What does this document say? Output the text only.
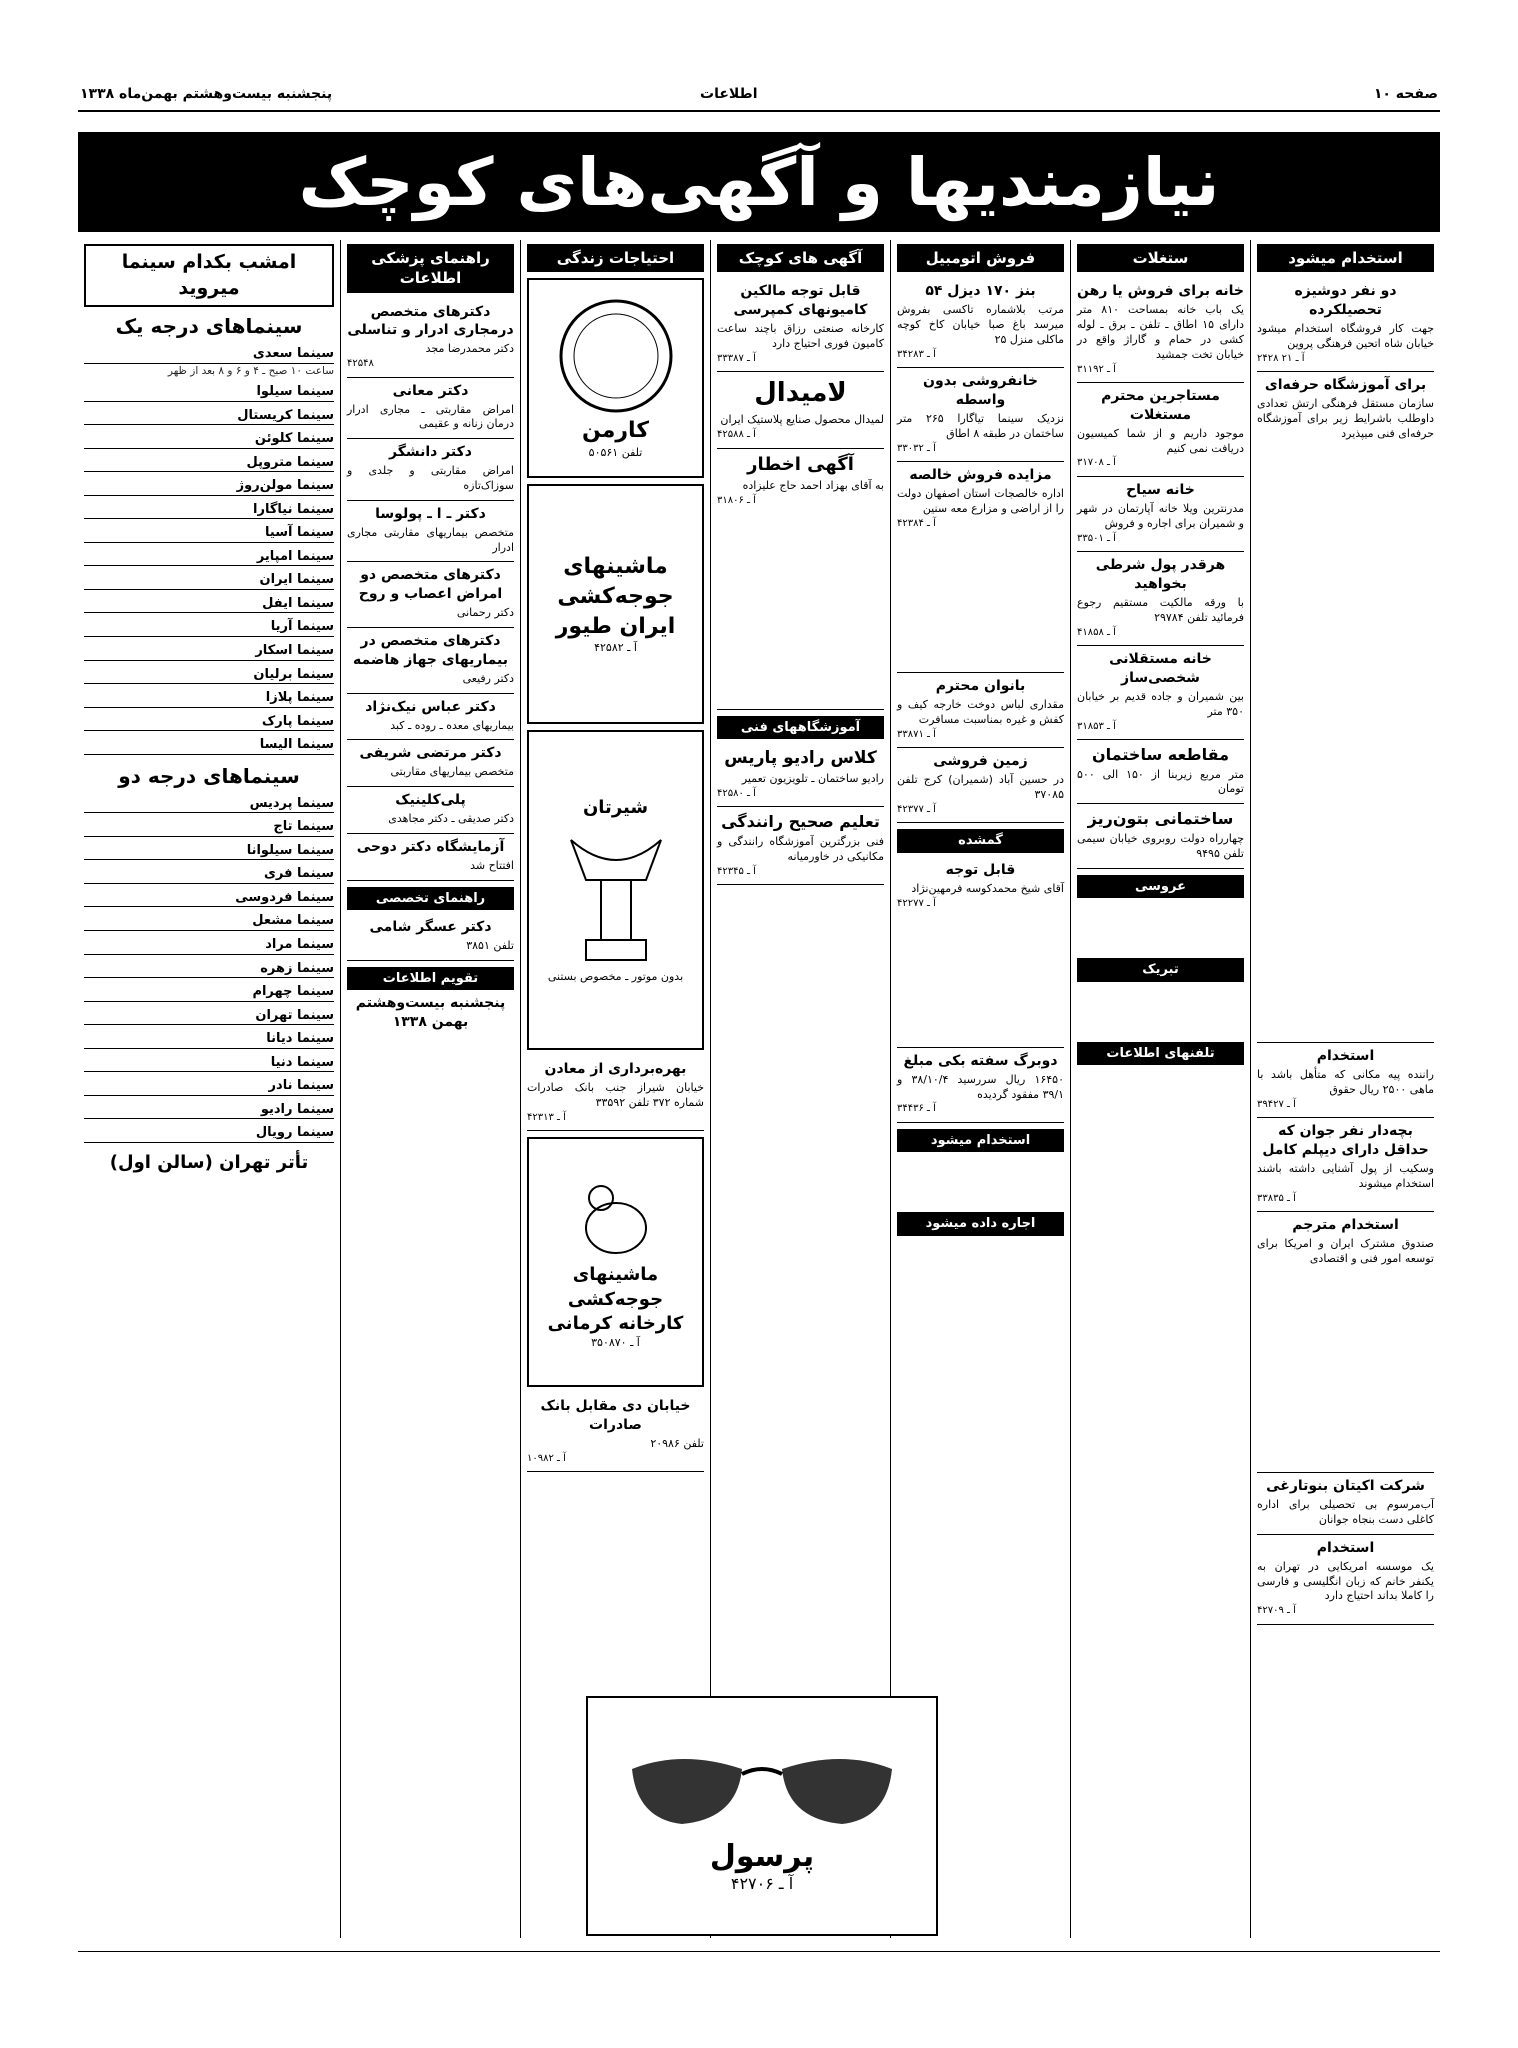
صفحه ۱۰
اطلاعات
پنجشنبه بیست‌وهشتم بهمن‌ماه ۱۳۳۸
نیازمندیها و آگهی‌های کوچک
استخدام میشود
دو نفر دوشیزه تحصیلکرده
جهت کار فروشگاه استخدام میشود خیابان شاه اتحین فرهنگی پروین
۲۴۲۸ آ ـ ۲۱
برای آموزشگاه حرفه‌ای
سازمان مستقل فرهنگی ارتش تعدادی داوطلب باشرایط زیر برای آموزشگاه حرفه‌ای فنی میپذیرد
استخدام
راننده پیه مکانی که متأهل باشد با ماهی ۲۵۰۰ ریال حقوق
آ ـ ۳۹۴۲۷
بچه‌دار نفر جوان که حداقل دارای دیپلم کامل
وسکیب از پول آشنایی داشته باشند استخدام میشوند
آ ـ ۳۳۸۳۵
استخدام مترجم
صندوق مشترک ایران و امریکا برای توسعه امور فنی و اقتصادی
شرکت اکیتان بنوتارغی
آب‌مرسوم بی تحصیلی برای اداره کاغلی دست بنجاه جوانان
استخدام
یک موسسه امریکایی در تهران به یکنفر خانم که زبان انگلیسی و فارسی را کاملا بداند احتیاج دارد
آ ـ ۴۲۷۰۹
ستغلات
خانه برای فروش یا رهن
یک باب خانه بمساحت ۸۱۰ متر دارای ۱۵ اطاق ـ تلفن ـ برق ـ لوله کشی در حمام و گاراژ واقع در خیابان تخت جمشید
آ ـ ۳۱۱۹۲
مستاجرین محترم مستغلات
موجود داریم و از شما کمیسیون دریافت نمی کنیم
آ ـ ۳۱۷۰۸
خانه سیاح
مدرنترین ویلا خانه آپارتمان در شهر و شمیران برای اجاره و فروش
آ ـ ۳۳۵۰۱
هرقدر پول شرطی بخواهید
با ورقه مالکیت مستقیم رجوع فرمائید تلفن ۲۹۷۸۴
آ ـ ۴۱۸۵۸
خانه مستقلانی شخصی‌ساز
بین شمیران و جاده قدیم بر خیابان ۳۵۰ متر
آ ـ ۳۱۸۵۳
مقاطعه ساختمان
متر مربع زیربنا از ۱۵۰ الی ۵۰۰ تومان
ساختمانی بتون‌ریز
چهارراه دولت روبروی خیابان سیمی تلفن ۹۴۹۵
عروسی
تبریک
تلفنهای اطلاعات
فروش اتومبیل
بنز ۱۷۰ دیزل ۵۴
مرتب بلاشماره تاکسی بفروش میرسد باغ صبا خیابان کاخ کوچه ماکلی منزل ۲۵
آ ـ ۳۴۲۸۳
خانفروشی بدون واسطه
نزدیک سینما تیاگارا ۲۶۵ متر ساختمان در طبقه ۸ اطاق
آ ـ ۳۳۰۳۲
مزایده فروش خالصه
اداره خالصجات استان اصفهان دولت را از اراضی و مزارع معه سنین
آ ـ ۴۲۳۸۴
بانوان محترم
مقداری لباس دوخت خارجه کیف و کفش و غیره بمناسبت مسافرت
آ ـ ۳۳۸۷۱
زمین فروشی
در حسین آباد (شمیران) کرج تلفن ۳۷۰۸۵
آ ـ ۴۲۳۷۷
گمشده
قابل توجه
آقای شیخ محمد‌کوسه فرمهین‌نژاد
آ ـ ۴۲۲۷۷
دوبرگ سفته بکی مبلغ
۱۶۴۵۰ ریال سررسید ۳۸/۱۰/۴ و ۳۹/۱ مفقود گردیده
آ ـ ۳۴۴۳۶
استخدام میشود
اجاره داده میشود
آگهی های کوچک
قابل توجه مالکین کامیونهای کمپرسی
کارخانه صنعتی رزاق باچند ساعت کامیون فوری احتیاج دارد
آ ـ ۳۳۳۸۷
لامیدال
لمیدال محصول صنایع پلاستیک ایران
آ ـ ۴۲۵۸۸
آگهی اخطار
به آقای بهزاد احمد حاج علیزاده
آ ـ ۳۱۸۰۶
آموزشگاههای فنی
کلاس رادیو پاریس
رادیو ساختمان ـ تلویزیون تعمیر
آ ـ ۴۲۵۸۰
تعلیم صحیح رانندگی
فنی بزرگترین آموزشگاه رانندگی و مکانیکی در خاورمیانه
آ ـ ۴۲۳۴۵
احتیاجات زندگی
کارمن
تلفن ۵۰۵۶۱
ماشینهای جوجه‌کشی ایران طیور
آ ـ ۴۲۵۸۲
شیرتان
بدون موتور ـ مخصوص بستنی
بهره‌برداری از معادن
خیابان شیراز جنب بانک صادرات شماره ۳۷۲ تلفن ۳۳۵۹۲
آ ـ ۴۲۳۱۳
ماشینهای جوجه‌کشی کارخانه کرمانی
آ ـ ۳۵۰۸۷۰
خیابان دی مقابل بانک صادرات
تلفن ۲۰۹۸۶
آ ـ ۱۰۹۸۲
راهنمای پزشکی اطلاعات
دکترهای متخصص درمجاری ادرار و تناسلی
دکتر محمدرضا مجد
۴۲۵۴۸
دکتر معانی
امراض مقاربتی ـ مجاری ادرار درمان زنانه و عقیمی
دکتر دانشگر
امراض مقاربتی و جلدی و سوزاک‌تازه
دکتر ـ ا ـ پولوسا
متخصص بیماریهای مقاربتی مجاری ادرار
دکترهای متخصص دو امراض اعصاب و روح
دکتر رحمانی
دکترهای متخصص در بیماریهای جهاز هاضمه
دکتر رفیعی
دکتر عباس نیک‌نژاد
بیماریهای معده ـ روده ـ کبد
دکتر مرتضی شریفی
متخصص بیماریهای مقاربتی
پلی‌کلینیک
دکتر صدیقی ـ دکتر مجاهدی
آزمایشگاه دکتر دوحی
افتتاح شد
راهنمای تخصصی
دکتر عسگر شامی
تلفن ۳۸۵۱
تقویم اطلاعات
پنجشنبه بیست‌وهشتم بهمن ۱۳۳۸
امشب بکدام سینما میروید
سینماهای درجه یک
سینما سعدی
ساعت ۱۰ صبح ـ ۴ و ۶ و ۸ بعد از ظهر
سینما سیلوا
سینما کریستال
سینما کلوئن
سینما متروپل
سینما مولن‌روژ
سینما نیاگارا
سینما آسیا
سینما امپایر
سینما ایران
سینما ایفل
سینما آریا
سینما اسکار
سینما برلیان
سینما پلازا
سینما پارک
سینما الیسا
سینماهای درجه دو
سینما پردیس
سینما تاج
سینما سیلوانا
سینما فری
سینما فردوسی
سینما مشعل
سینما مراد
سینما زهره
سینما چهرام
سینما تهران
سینما دیانا
سینما دنیا
سینما نادر
سینما رادیو
سینما رویال
تأتر تهران (سالن اول)
پرسول
آ ـ ۴۲۷۰۶
